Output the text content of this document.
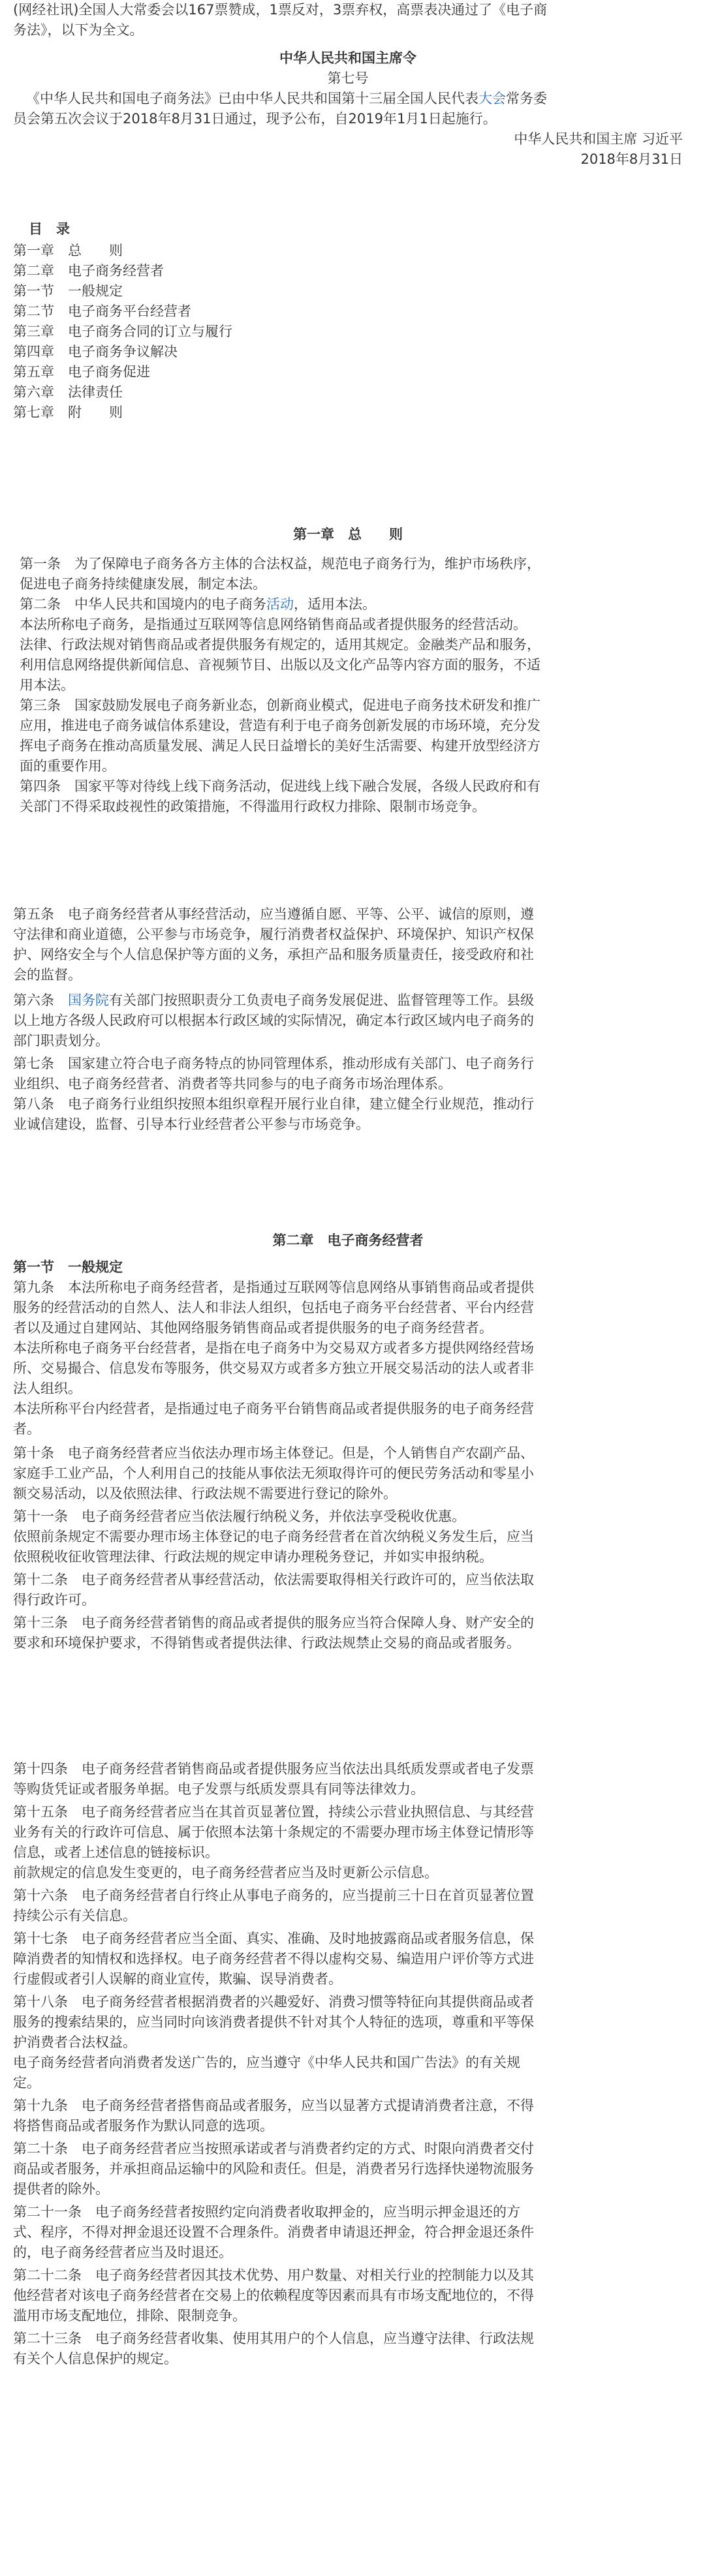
(网经社讯)全国人大常委会以167票赞成，1票反对，3票弃权，高票表决通过了《电子商

务法》，以下为全文。

中华人民共和国主席令

第七号

《中华人民共和国电子商务法》已由中华人民共和国第十三届全国人民代表大会常务委

员会第五次会议于2018年8月31日通过，现予公布，自2019年1月1日起施行。

中华人民共和国主席 习近平

2018年8月31日

目　录

第一章　总　　则

第二章　电子商务经营者

第一节　一般规定

第二节　电子商务平台经营者

第三章　电子商务合同的订立与履行

第四章　电子商务争议解决

第五章　电子商务促进

第六章　法律责任

第七章　附　　则

第一章　总　　则

第一条　为了保障电子商务各方主体的合法权益，规范电子商务行为，维护市场秩序，

促进电子商务持续健康发展，制定本法。

第二条　中华人民共和国境内的电子商务活动，适用本法。

本法所称电子商务，是指通过互联网等信息网络销售商品或者提供服务的经营活动。

法律、行政法规对销售商品或者提供服务有规定的，适用其规定。金融类产品和服务，

利用信息网络提供新闻信息、音视频节目、出版以及文化产品等内容方面的服务，不适

用本法。

第三条　国家鼓励发展电子商务新业态，创新商业模式，促进电子商务技术研发和推广

应用，推进电子商务诚信体系建设，营造有利于电子商务创新发展的市场环境，充分发

挥电子商务在推动高质量发展、满足人民日益增长的美好生活需要、构建开放型经济方

面的重要作用。

第四条　国家平等对待线上线下商务活动，促进线上线下融合发展，各级人民政府和有

关部门不得采取歧视性的政策措施，不得滥用行政权力排除、限制市场竞争。

第五条　电子商务经营者从事经营活动，应当遵循自愿、平等、公平、诚信的原则，遵

守法律和商业道德，公平参与市场竞争，履行消费者权益保护、环境保护、知识产权保

护、网络安全与个人信息保护等方面的义务，承担产品和服务质量责任，接受政府和社

会的监督。

第六条　国务院有关部门按照职责分工负责电子商务发展促进、监督管理等工作。县级

以上地方各级人民政府可以根据本行政区域的实际情况，确定本行政区域内电子商务的

部门职责划分。

第七条　国家建立符合电子商务特点的协同管理体系，推动形成有关部门、电子商务行

业组织、电子商务经营者、消费者等共同参与的电子商务市场治理体系。

第八条　电子商务行业组织按照本组织章程开展行业自律，建立健全行业规范，推动行

业诚信建设，监督、引导本行业经营者公平参与市场竞争。

第二章　电子商务经营者

第一节　一般规定

第九条　本法所称电子商务经营者，是指通过互联网等信息网络从事销售商品或者提供

服务的经营活动的自然人、法人和非法人组织，包括电子商务平台经营者、平台内经营

者以及通过自建网站、其他网络服务销售商品或者提供服务的电子商务经营者。

本法所称电子商务平台经营者，是指在电子商务中为交易双方或者多方提供网络经营场

所、交易撮合、信息发布等服务，供交易双方或者多方独立开展交易活动的法人或者非

法人组织。

本法所称平台内经营者，是指通过电子商务平台销售商品或者提供服务的电子商务经营

者。

第十条　电子商务经营者应当依法办理市场主体登记。但是，个人销售自产农副产品、

家庭手工业产品，个人利用自己的技能从事依法无须取得许可的便民劳务活动和零星小

额交易活动，以及依照法律、行政法规不需要进行登记的除外。

第十一条　电子商务经营者应当依法履行纳税义务，并依法享受税收优惠。

依照前条规定不需要办理市场主体登记的电子商务经营者在首次纳税义务发生后，应当

依照税收征收管理法律、行政法规的规定申请办理税务登记，并如实申报纳税。

第十二条　电子商务经营者从事经营活动，依法需要取得相关行政许可的，应当依法取

得行政许可。

第十三条　电子商务经营者销售的商品或者提供的服务应当符合保障人身、财产安全的

要求和环境保护要求，不得销售或者提供法律、行政法规禁止交易的商品或者服务。

第十四条　电子商务经营者销售商品或者提供服务应当依法出具纸质发票或者电子发票

等购货凭证或者服务单据。电子发票与纸质发票具有同等法律效力。

第十五条　电子商务经营者应当在其首页显著位置，持续公示营业执照信息、与其经营

业务有关的行政许可信息、属于依照本法第十条规定的不需要办理市场主体登记情形等

信息，或者上述信息的链接标识。

前款规定的信息发生变更的，电子商务经营者应当及时更新公示信息。

第十六条　电子商务经营者自行终止从事电子商务的，应当提前三十日在首页显著位置

持续公示有关信息。

第十七条　电子商务经营者应当全面、真实、准确、及时地披露商品或者服务信息，保

障消费者的知情权和选择权。电子商务经营者不得以虚构交易、编造用户评价等方式进

行虚假或者引人误解的商业宣传，欺骗、误导消费者。

第十八条　电子商务经营者根据消费者的兴趣爱好、消费习惯等特征向其提供商品或者

服务的搜索结果的，应当同时向该消费者提供不针对其个人特征的选项，尊重和平等保

护消费者合法权益。

电子商务经营者向消费者发送广告的，应当遵守《中华人民共和国广告法》的有关规

定。

第十九条　电子商务经营者搭售商品或者服务，应当以显著方式提请消费者注意，不得

将搭售商品或者服务作为默认同意的选项。

第二十条　电子商务经营者应当按照承诺或者与消费者约定的方式、时限向消费者交付

商品或者服务，并承担商品运输中的风险和责任。但是，消费者另行选择快递物流服务

提供者的除外。

第二十一条　电子商务经营者按照约定向消费者收取押金的，应当明示押金退还的方

式、程序，不得对押金退还设置不合理条件。消费者申请退还押金，符合押金退还条件

的，电子商务经营者应当及时退还。

第二十二条　电子商务经营者因其技术优势、用户数量、对相关行业的控制能力以及其

他经营者对该电子商务经营者在交易上的依赖程度等因素而具有市场支配地位的，不得

滥用市场支配地位，排除、限制竞争。

第二十三条　电子商务经营者收集、使用其用户的个人信息，应当遵守法律、行政法规

有关个人信息保护的规定。
